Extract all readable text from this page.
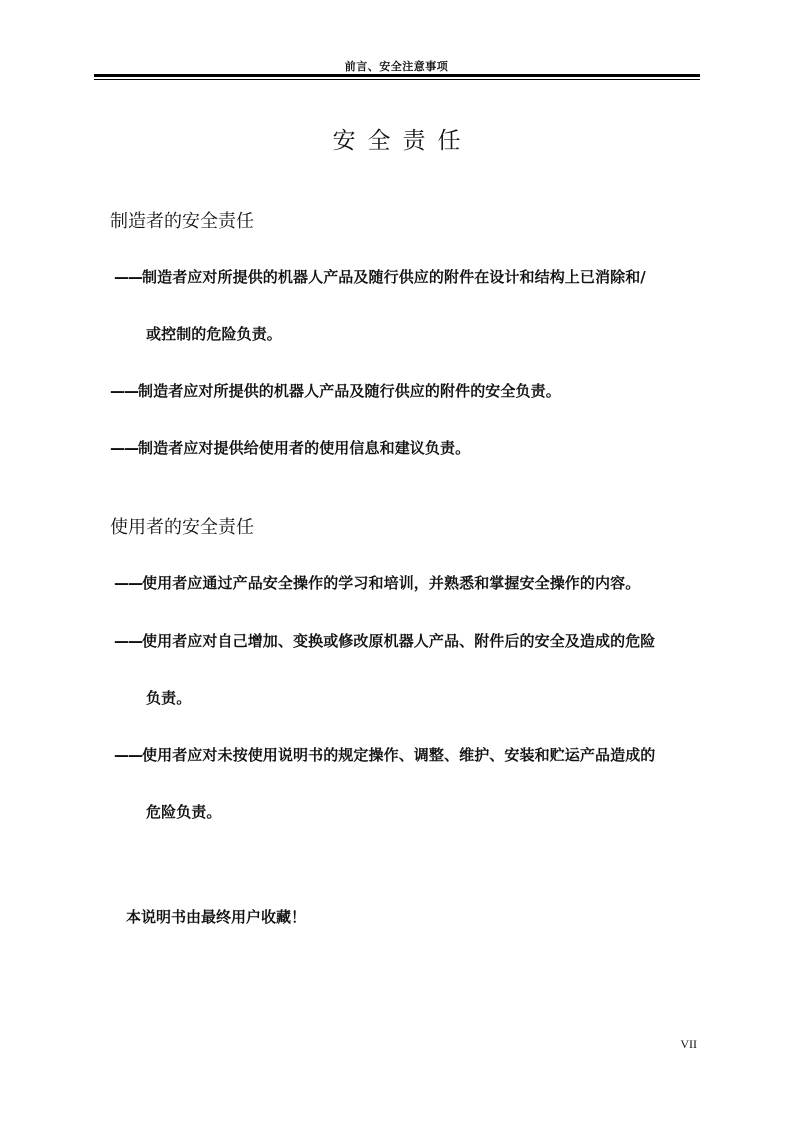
前言、安全注意事项
安全责任
制造者的安全责任
——制造者应对所提供的机器人产品及随行供应的附件在设计和结构上已消除和/
或控制的危险负责。
——制造者应对所提供的机器人产品及随行供应的附件的安全负责。
——制造者应对提供给使用者的使用信息和建议负责。
使用者的安全责任
——使用者应通过产品安全操作的学习和培训，并熟悉和掌握安全操作的内容。
——使用者应对自己增加、变换或修改原机器人产品、附件后的安全及造成的危险
负责。
——使用者应对未按使用说明书的规定操作、调整、维护、安装和贮运产品造成的
危险负责。
本说明书由最终用户收藏！
VII
